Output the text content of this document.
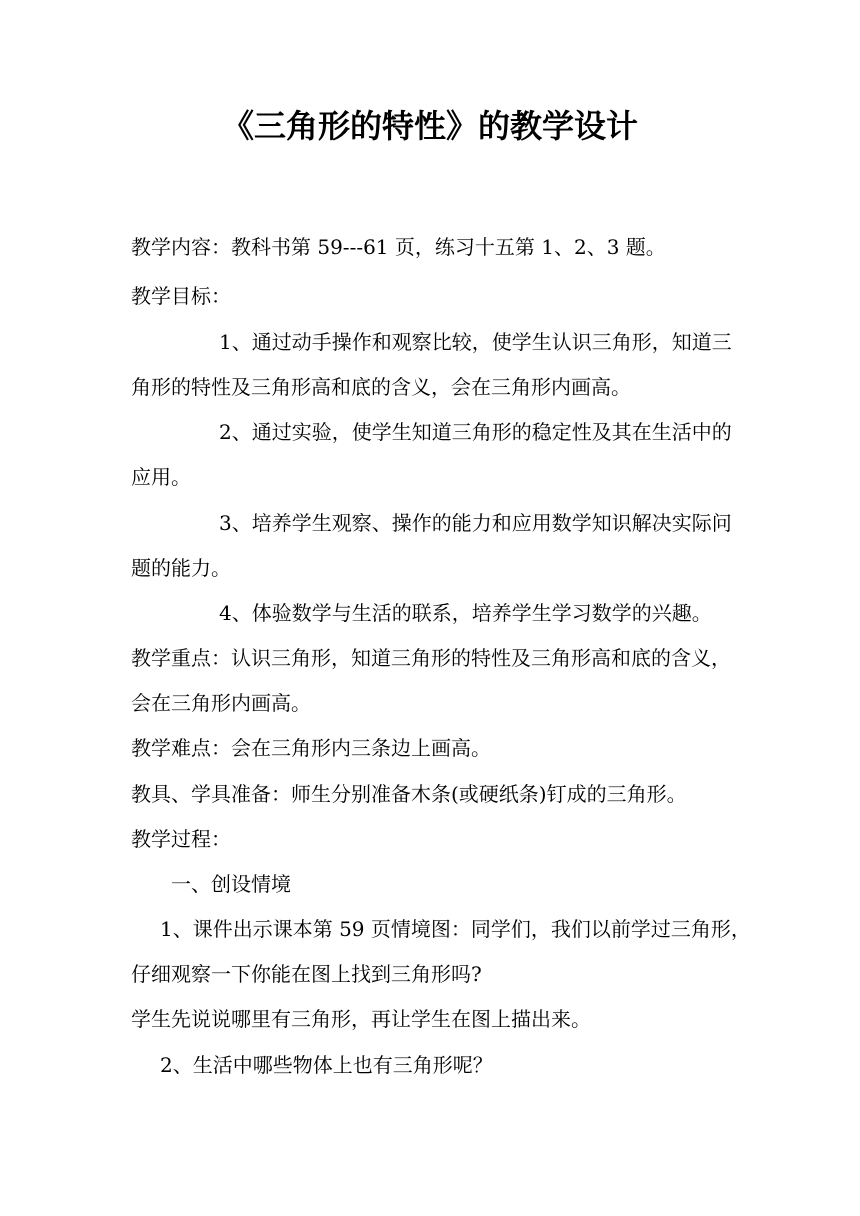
《三角形的特性》的教学设计
教学内容：教科书第 59---61 页，练习十五第 1、2、3 题。
教学目标：
1、通过动手操作和观察比较，使学生认识三角形，知道三
角形的特性及三角形高和底的含义，会在三角形内画高。
2、通过实验，使学生知道三角形的稳定性及其在生活中的
应用。
3、培养学生观察、操作的能力和应用数学知识解决实际问
题的能力。
4、体验数学与生活的联系，培养学生学习数学的兴趣。
教学重点：认识三角形，知道三角形的特性及三角形高和底的含义，
会在三角形内画高。
教学难点：会在三角形内三条边上画高。
教具、学具准备：师生分别准备木条(或硬纸条)钉成的三角形。
教学过程：
一、创设情境
1、课件出示课本第 59 页情境图：同学们，我们以前学过三角形，
仔细观察一下你能在图上找到三角形吗?
学生先说说哪里有三角形，再让学生在图上描出来。
2、生活中哪些物体上也有三角形呢？
